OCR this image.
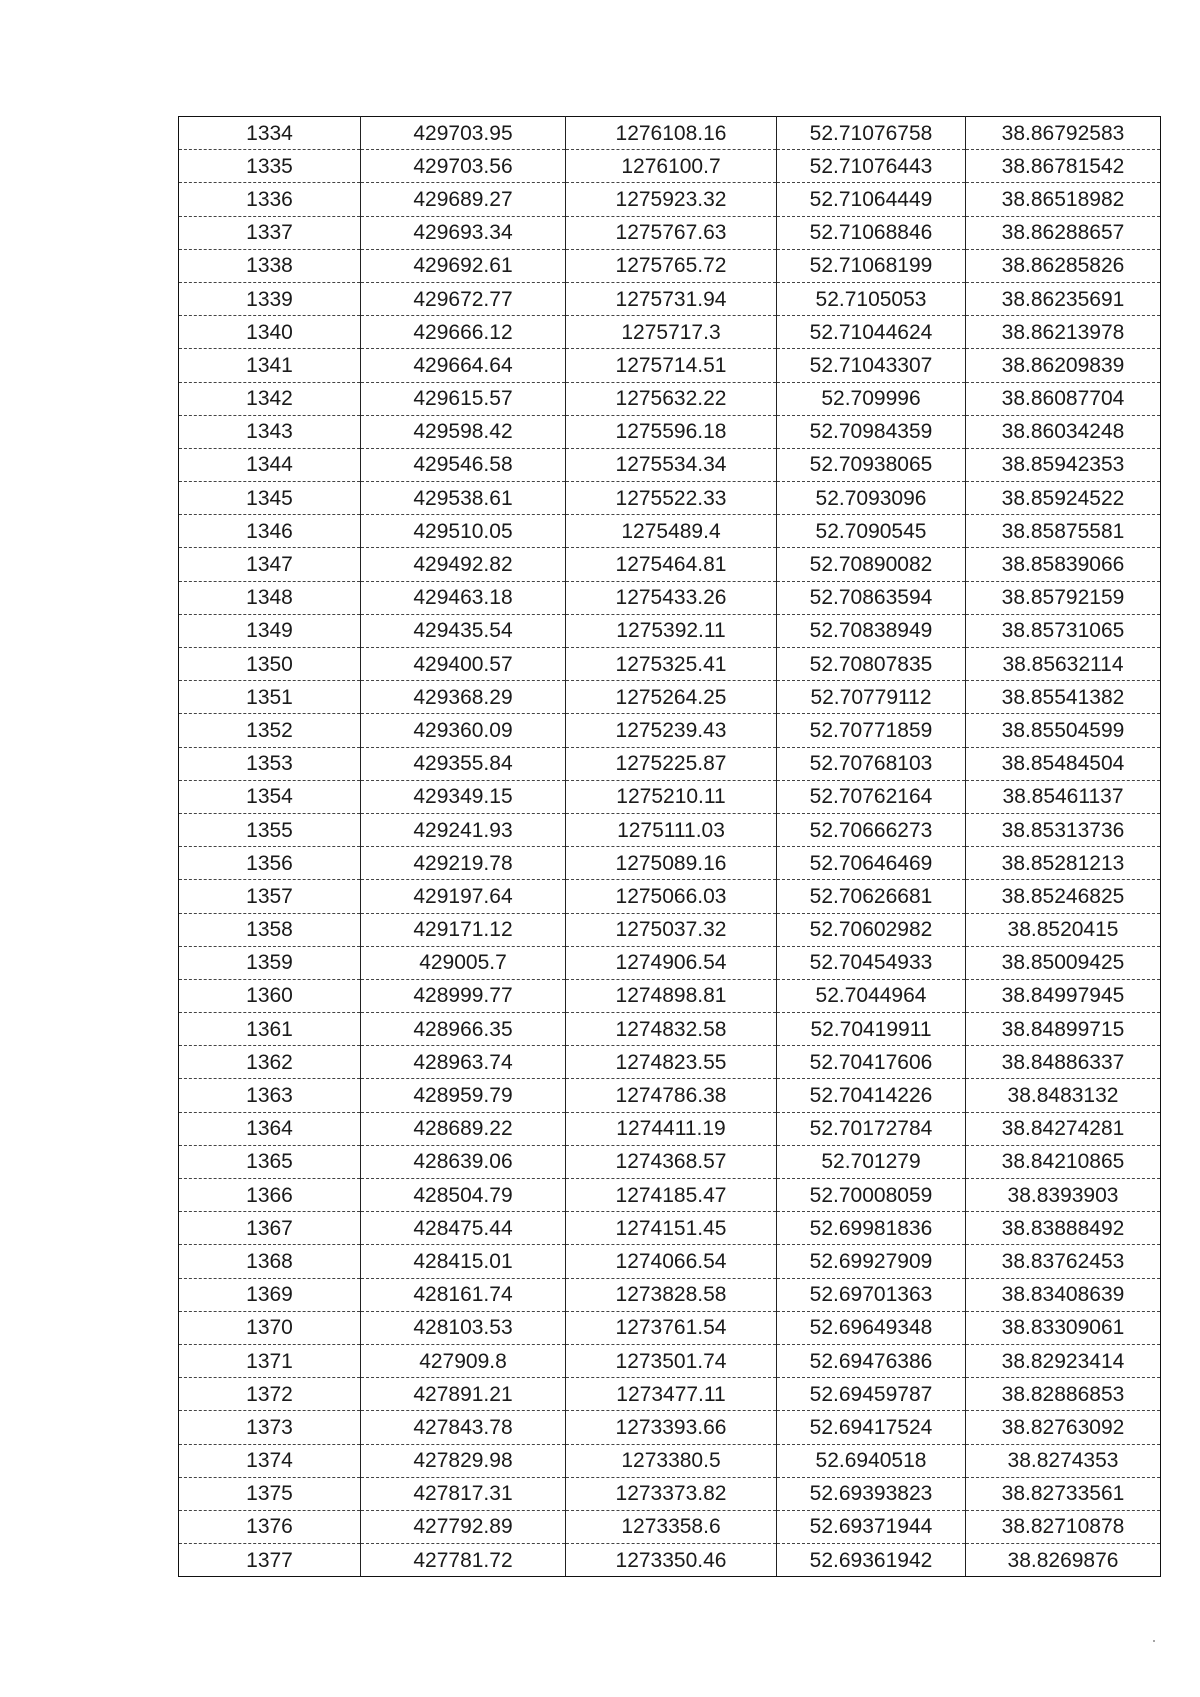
1334	429703.95	1276108.16	52.71076758	38.86792583
1335	429703.56	1276100.7	52.71076443	38.86781542
1336	429689.27	1275923.32	52.71064449	38.86518982
1337	429693.34	1275767.63	52.71068846	38.86288657
1338	429692.61	1275765.72	52.71068199	38.86285826
1339	429672.77	1275731.94	52.7105053	38.86235691
1340	429666.12	1275717.3	52.71044624	38.86213978
1341	429664.64	1275714.51	52.71043307	38.86209839
1342	429615.57	1275632.22	52.709996	38.86087704
1343	429598.42	1275596.18	52.70984359	38.86034248
1344	429546.58	1275534.34	52.70938065	38.85942353
1345	429538.61	1275522.33	52.7093096	38.85924522
1346	429510.05	1275489.4	52.7090545	38.85875581
1347	429492.82	1275464.81	52.70890082	38.85839066
1348	429463.18	1275433.26	52.70863594	38.85792159
1349	429435.54	1275392.11	52.70838949	38.85731065
1350	429400.57	1275325.41	52.70807835	38.85632114
1351	429368.29	1275264.25	52.70779112	38.85541382
1352	429360.09	1275239.43	52.70771859	38.85504599
1353	429355.84	1275225.87	52.70768103	38.85484504
1354	429349.15	1275210.11	52.70762164	38.85461137
1355	429241.93	1275111.03	52.70666273	38.85313736
1356	429219.78	1275089.16	52.70646469	38.85281213
1357	429197.64	1275066.03	52.70626681	38.85246825
1358	429171.12	1275037.32	52.70602982	38.8520415
1359	429005.7	1274906.54	52.70454933	38.85009425
1360	428999.77	1274898.81	52.7044964	38.84997945
1361	428966.35	1274832.58	52.70419911	38.84899715
1362	428963.74	1274823.55	52.70417606	38.84886337
1363	428959.79	1274786.38	52.70414226	38.8483132
1364	428689.22	1274411.19	52.70172784	38.84274281
1365	428639.06	1274368.57	52.701279	38.84210865
1366	428504.79	1274185.47	52.70008059	38.8393903
1367	428475.44	1274151.45	52.69981836	38.83888492
1368	428415.01	1274066.54	52.69927909	38.83762453
1369	428161.74	1273828.58	52.69701363	38.83408639
1370	428103.53	1273761.54	52.69649348	38.83309061
1371	427909.8	1273501.74	52.69476386	38.82923414
1372	427891.21	1273477.11	52.69459787	38.82886853
1373	427843.78	1273393.66	52.69417524	38.82763092
1374	427829.98	1273380.5	52.6940518	38.8274353
1375	427817.31	1273373.82	52.69393823	38.82733561
1376	427792.89	1273358.6	52.69371944	38.82710878
1377	427781.72	1273350.46	52.69361942	38.8269876
